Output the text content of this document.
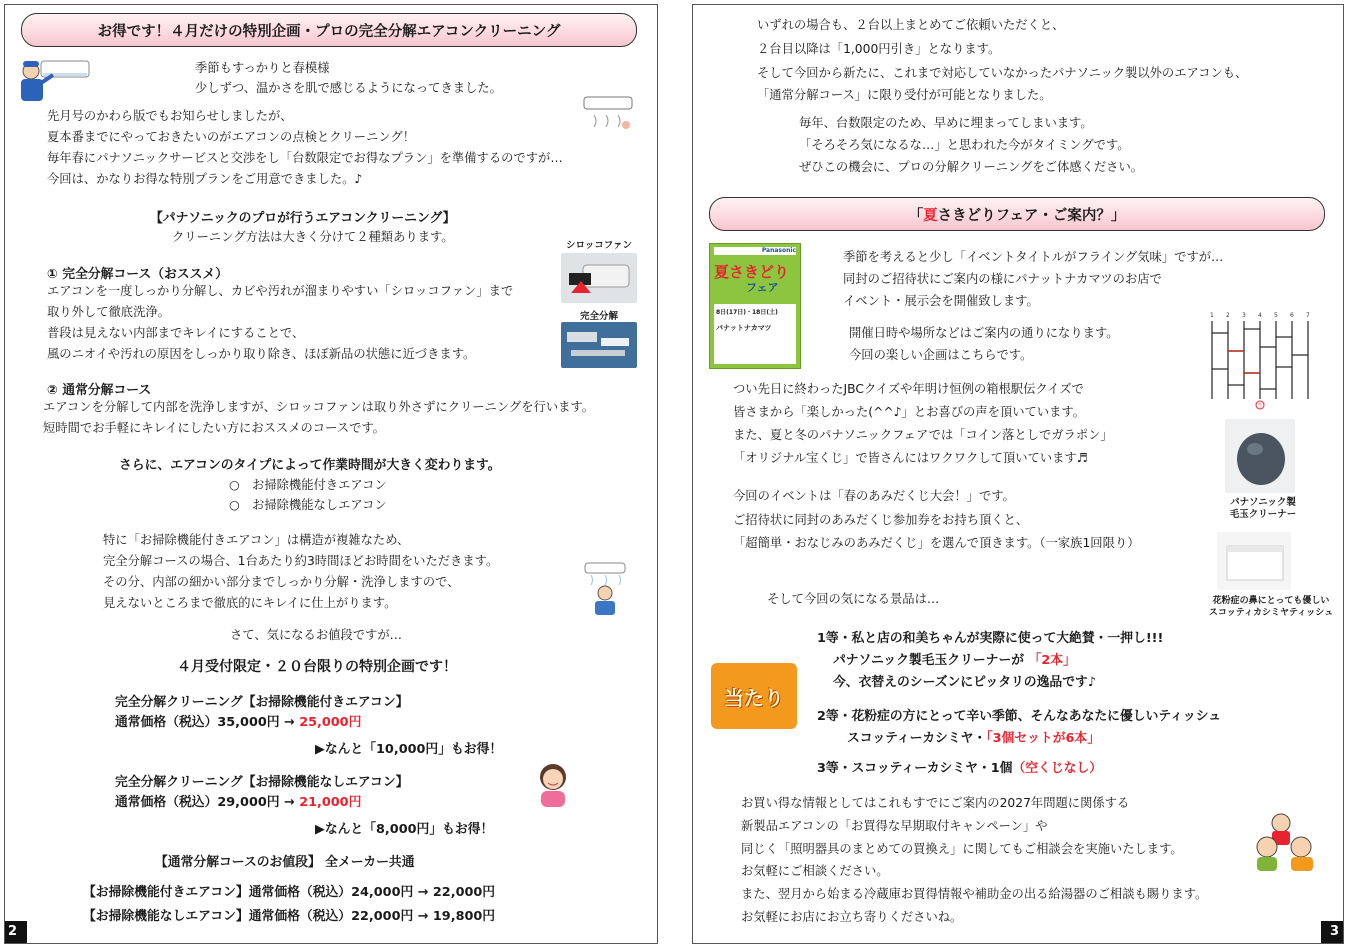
お得です！４月だけの特別企画・プロの完全分解エアコンクリーニング
季節もすっかりと春模様
少しずつ、温かさを肌で感じるようになってきました。
先月号のかわら版でもお知らせしましたが、
夏本番までにやっておきたいのがエアコンの点検とクリーニング！
毎年春にパナソニックサービスと交渉をし「台数限定でお得なプラン」を準備するのですが…
今回は、かなりお得な特別プランをご用意できました。♪
【パナソニックのプロが行うエアコンクリーニング】
クリーニング方法は大きく分けて２種類あります。
シロッコファン
① 完全分解コース（おススメ）
エアコンを一度しっかり分解し、カビや汚れが溜まりやすい「シロッコファン」まで
取り外して徹底洗浄。
普段は見えない内部までキレイにすることで、
風のニオイや汚れの原因をしっかり取り除き、ほぼ新品の状態に近づきます。
完全分解
② 通常分解コース
エアコンを分解して内部を洗浄しますが、シロッコファンは取り外さずにクリーニングを行います。
短時間でお手軽にキレイにしたい方におススメのコースです。
さらに、エアコンのタイプによって作業時間が大きく変わります。
○　お掃除機能付きエアコン
○　お掃除機能なしエアコン
特に「お掃除機能付きエアコン」は構造が複雑なため、
完全分解コースの場合、1台あたり約3時間ほどお時間をいただきます。
その分、内部の細かい部分までしっかり分解・洗浄しますので、
見えないところまで徹底的にキレイに仕上がります。
さて、気になるお値段ですが…
４月受付限定・２０台限りの特別企画です！
完全分解クリーニング【お掃除機能付きエアコン】
通常価格（税込）35,000円 → 25,000円
▶なんと「10,000円」もお得！
完全分解クリーニング【お掃除機能なしエアコン】
通常価格（税込）29,000円 → 21,000円
▶なんと「8,000円」もお得！
【通常分解コースのお値段】 全メーカー共通
【お掃除機能付きエアコン】通常価格（税込）24,000円 → 22,000円
【お掃除機能なしエアコン】通常価格（税込）22,000円 → 19,800円
2
いずれの場合も、２台以上まとめてご依頼いただくと、
２台目以降は「1,000円引き」となります。
そして今回から新たに、これまで対応していなかったパナソニック製以外のエアコンも、
「通常分解コース」に限り受付が可能となりました。
毎年、台数限定のため、早めに埋まってしまいます。
「そろそろ気になるな…」と思われた今がタイミングです。
ぜひこの機会に、プロの分解クリーニングをご体感ください。
「 夏 さきどりフェア・ご案内？」
Panasonic
夏さきどり
フェア
8日(17日)・18日(土)
パナットナカマツ
季節を考えると少し「イベントタイトルがフライング気味」ですが…
同封のご招待状にご案内の様にパナットナカマツのお店で
イベント・展示会を開催致します。
開催日時や場所などはご案内の通りになります。
今回の楽しい企画はこちらです。
1 2 3 4 5 6 7
当
つい先日に終わったJBCクイズや年明け恒例の箱根駅伝クイズで
皆さまから「楽しかった(^^♪」とお喜びの声を頂いています。
また、夏と冬のパナソニックフェアでは「コイン落としでガラポン」
「オリジナル宝くじ」で皆さんにはワクワクして頂いています♬
パナソニック製
毛玉クリーナー
今回のイベントは「春のあみだくじ大会！」です。
ご招待状に同封のあみだくじ参加券をお持ち頂くと、
「超簡単・おなじみのあみだくじ」を選んで頂きます。（一家族1回限り）
花粉症の鼻にとっても優しい
スコッティカシミヤティッシュ
そして今回の気になる景品は…
当たり
1等・私と店の和美ちゃんが実際に使って大絶賛・一押し!!!
パナソニック製毛玉クリーナーが 「2本」
今、衣替えのシーズンにピッタリの逸品です♪
2等・花粉症の方にとって辛い季節、そんなあなたに優しいティッシュ
スコッティーカシミヤ・「3個セットが6本」
3等・スコッティーカシミヤ・1個（空くじなし）
お買い得な情報としてはこれもすでにご案内の2027年問題に関係する
新製品エアコンの「お買得な早期取付キャンペーン」や
同じく「照明器具のまとめての買換え」に関してもご相談会を実施いたします。
お気軽にご相談ください。
また、翌月から始まる冷蔵庫お買得情報や補助金の出る給湯器のご相談も賜ります。
お気軽にお店にお立ち寄りくださいね。
3
